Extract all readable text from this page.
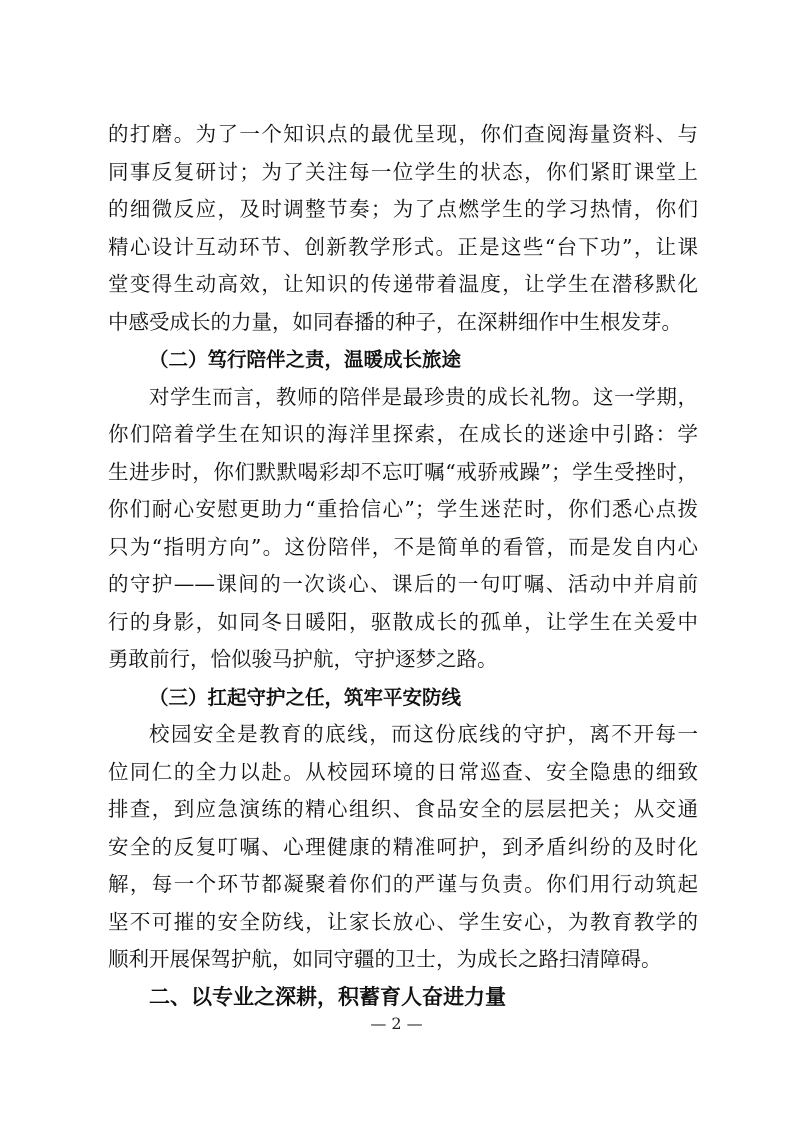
的打磨。为了一个知识点的最优呈现，你们查阅海量资料、与
同事反复研讨；为了关注每一位学生的状态，你们紧盯课堂上
的细微反应，及时调整节奏；为了点燃学生的学习热情，你们
精心设计互动环节、创新教学形式。正是这些“台下功”，让课
堂变得生动高效，让知识的传递带着温度，让学生在潜移默化
中感受成长的力量，如同春播的种子，在深耕细作中生根发芽。
（二）笃行陪伴之责，温暖成长旅途
对学生而言，教师的陪伴是最珍贵的成长礼物。这一学期，
你们陪着学生在知识的海洋里探索，在成长的迷途中引路：学
生进步时，你们默默喝彩却不忘叮嘱“戒骄戒躁”；学生受挫时，
你们耐心安慰更助力“重拾信心”；学生迷茫时，你们悉心点拨
只为“指明方向”。这份陪伴，不是简单的看管，而是发自内心
的守护——课间的一次谈心、课后的一句叮嘱、活动中并肩前
行的身影，如同冬日暖阳，驱散成长的孤单，让学生在关爱中
勇敢前行，恰似骏马护航，守护逐梦之路。
（三）扛起守护之任，筑牢平安防线
校园安全是教育的底线，而这份底线的守护，离不开每一
位同仁的全力以赴。从校园环境的日常巡查、安全隐患的细致
排查，到应急演练的精心组织、食品安全的层层把关；从交通
安全的反复叮嘱、心理健康的精准呵护，到矛盾纠纷的及时化
解，每一个环节都凝聚着你们的严谨与负责。你们用行动筑起
坚不可摧的安全防线，让家长放心、学生安心，为教育教学的
顺利开展保驾护航，如同守疆的卫士，为成长之路扫清障碍。
二、以专业之深耕，积蓄育人奋进力量
— 2 —
